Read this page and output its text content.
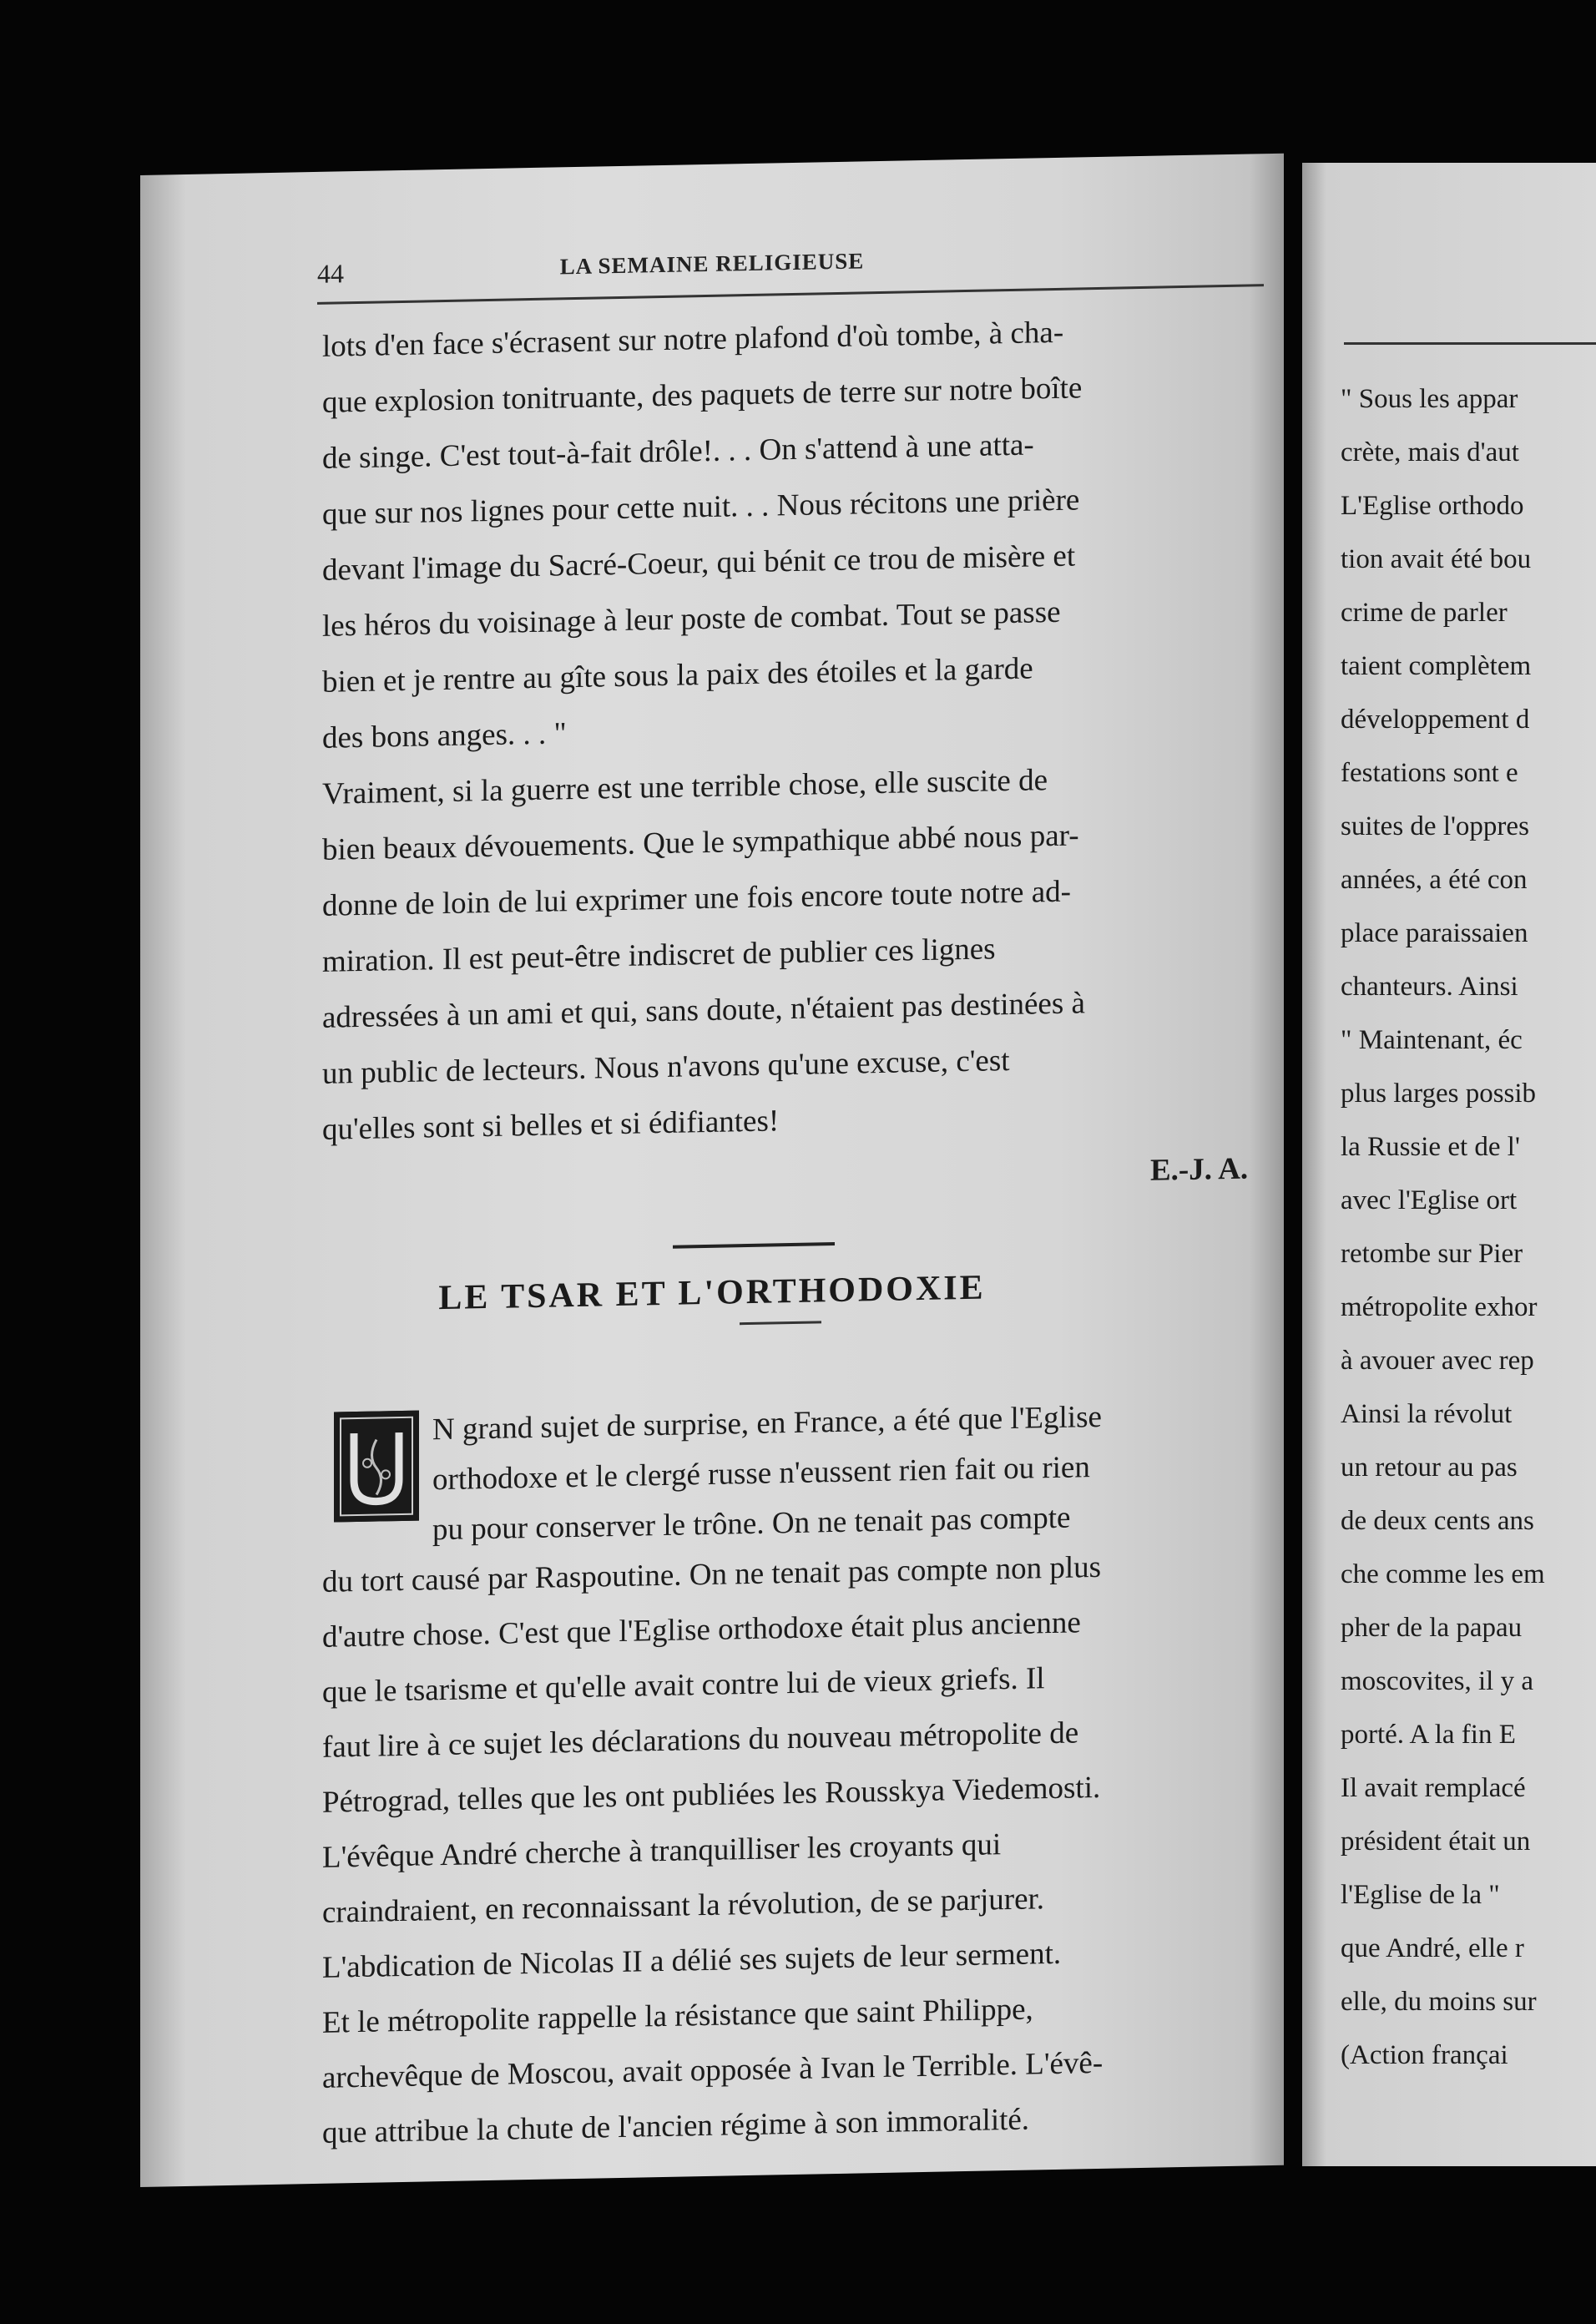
" Sous les appar
crète, mais d'aut
L'Eglise orthodo
tion avait été bou
crime de parler
taient complètem
développement d
festations sont e
suites de l'oppres
années, a été con
place paraissaien
chanteurs. Ainsi
" Maintenant, éc
plus larges possib
la Russie et de l'
avec l'Eglise ort
retombe sur Pier
métropolite exhor
à avouer avec rep
Ainsi la révolut
un retour au pas
de deux cents ans
che comme les em
pher de la papau
moscovites, il y a
porté. A la fin E
Il avait remplacé
président était un
l'Eglise de la "
que André, elle r
elle, du moins sur
(Action françai
44	LA SEMAINE RELIGIEUSE
lots d'en face s'écrasent sur notre plafond d'où tombe, à cha-
que explosion tonitruante, des paquets de terre sur notre boîte
de singe. C'est tout-à-fait drôle!. . . On s'attend à une atta-
que sur nos lignes pour cette nuit. . . Nous récitons une prière
devant l'image du Sacré-Coeur, qui bénit ce trou de misère et
les héros du voisinage à leur poste de combat. Tout se passe
bien et je rentre au gîte sous la paix des étoiles et la garde
des bons anges. . . "
Vraiment, si la guerre est une terrible chose, elle suscite de
bien beaux dévouements. Que le sympathique abbé nous par-
donne de loin de lui exprimer une fois encore toute notre ad-
miration. Il est peut-être indiscret de publier ces lignes
adressées à un ami et qui, sans doute, n'étaient pas destinées à
un public de lecteurs. Nous n'avons qu'une excuse, c'est
qu'elles sont si belles et si édifiantes!
E.-J. A.
LE TSAR ET L'ORTHODOXIE
N grand sujet de surprise, en France, a été que l'Eglise
orthodoxe et le clergé russe n'eussent rien fait ou rien
pu pour conserver le trône. On ne tenait pas compte
du tort causé par Raspoutine. On ne tenait pas compte non plus
d'autre chose. C'est que l'Eglise orthodoxe était plus ancienne
que le tsarisme et qu'elle avait contre lui de vieux griefs. Il
faut lire à ce sujet les déclarations du nouveau métropolite de
Pétrograd, telles que les ont publiées les Rousskya Viedemosti.
L'évêque André cherche à tranquilliser les croyants qui
craindraient, en reconnaissant la révolution, de se parjurer.
L'abdication de Nicolas II a délié ses sujets de leur serment.
Et le métropolite rappelle la résistance que saint Philippe,
archevêque de Moscou, avait opposée à Ivan le Terrible. L'évê-
que attribue la chute de l'ancien régime à son immoralité.
